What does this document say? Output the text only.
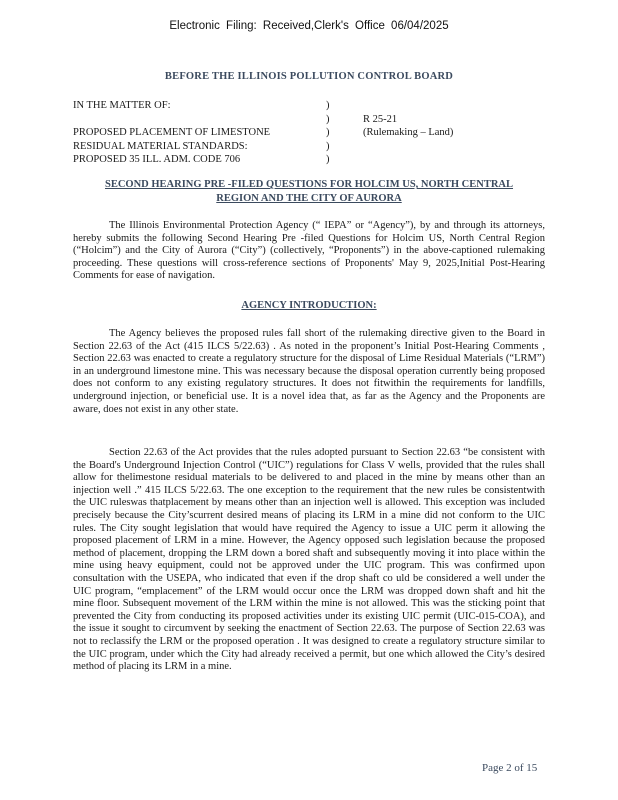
Electronic Filing: Received,Clerk's Office 06/04/2025
BEFORE THE ILLINOIS POLLUTION CONTROL BOARD
IN THE MATTER OF:	)
)	R 25-21
PROPOSED PLACEMENT OF LIMESTONE	)	(Rulemaking – Land)
RESIDUAL MATERIAL STANDARDS:	)
PROPOSED 35 ILL. ADM. CODE 706	)
SECOND HEARING PRE -FILED QUESTIONS FOR HOLCIM US, NORTH CENTRAL
REGION AND THE CITY OF AURORA
The Illinois Environmental Protection Agency (“ IEPA” or “Agency”), by and through its attorneys, hereby submits the following Second Hearing Pre -filed Questions for Holcim US, North Central Region (“Holcim”) and the City of Aurora (“City”) (collectively, “Proponents”) in the above-captioned rulemaking proceeding. These questions will cross-reference sections of Proponents' May 9, 2025,Initial Post-Hearing Comments for ease of navigation.
AGENCY INTRODUCTION:
The Agency believes the proposed rules fall short of the rulemaking directive given to the Board in Section 22.63 of the Act (415 ILCS 5/22.63) . As noted in the proponent’s Initial Post-Hearing Comments , Section 22.63 was enacted to create a regulatory structure for the disposal of Lime Residual Materials (“LRM”) in an underground limestone mine. This was necessary because the disposal operation currently being proposed does not conform to any existing regulatory structures. It does not fitwithin the requirements for landfills, underground injection, or beneficial use. It is a novel idea that, as far as the Agency and the Proponents are aware, does not exist in any other state.
Section 22.63 of the Act provides that the rules adopted pursuant to Section 22.63 “be consistent with the Board's Underground Injection Control (“UIC”) regulations for Class V wells, provided that the rules shall allow for thelimestone residual materials to be delivered to and placed in the mine by means other than an injection well .” 415 ILCS 5/22.63. The one exception to the requirement that the new rules be consistentwith the UIC ruleswas thatplacement by means other than an injection well is allowed. This exception was included precisely because the City’scurrent desired means of placing its LRM in a mine did not conform to the UIC rules. The City sought legislation that would have required the Agency to issue a UIC perm it allowing the proposed placement of LRM in a mine. However, the Agency opposed such legislation because the proposed method of placement, dropping the LRM down a bored shaft and subsequently moving it into place within the mine using heavy equipment, could not be approved under the UIC program. This was confirmed upon consultation with the USEPA, who indicated that even if the drop shaft co uld be considered a well under the UIC program, “emplacement” of the LRM would occur once the LRM was dropped down shaft and hit the mine floor. Subsequent movement of the LRM within the mine is not allowed. This was the sticking point that prevented the City from conducting its proposed activities under its existing UIC permit (UIC-015-COA), and the issue it sought to circumvent by seeking the enactment of Section 22.63. The purpose of Section 22.63 was not to reclassify the LRM or the proposed operation . It was designed to create a regulatory structure similar to the UIC program, under which the City had already received a permit, but one which allowed the City’s desired method of placing its LRM in a mine.
Page 2 of 15
